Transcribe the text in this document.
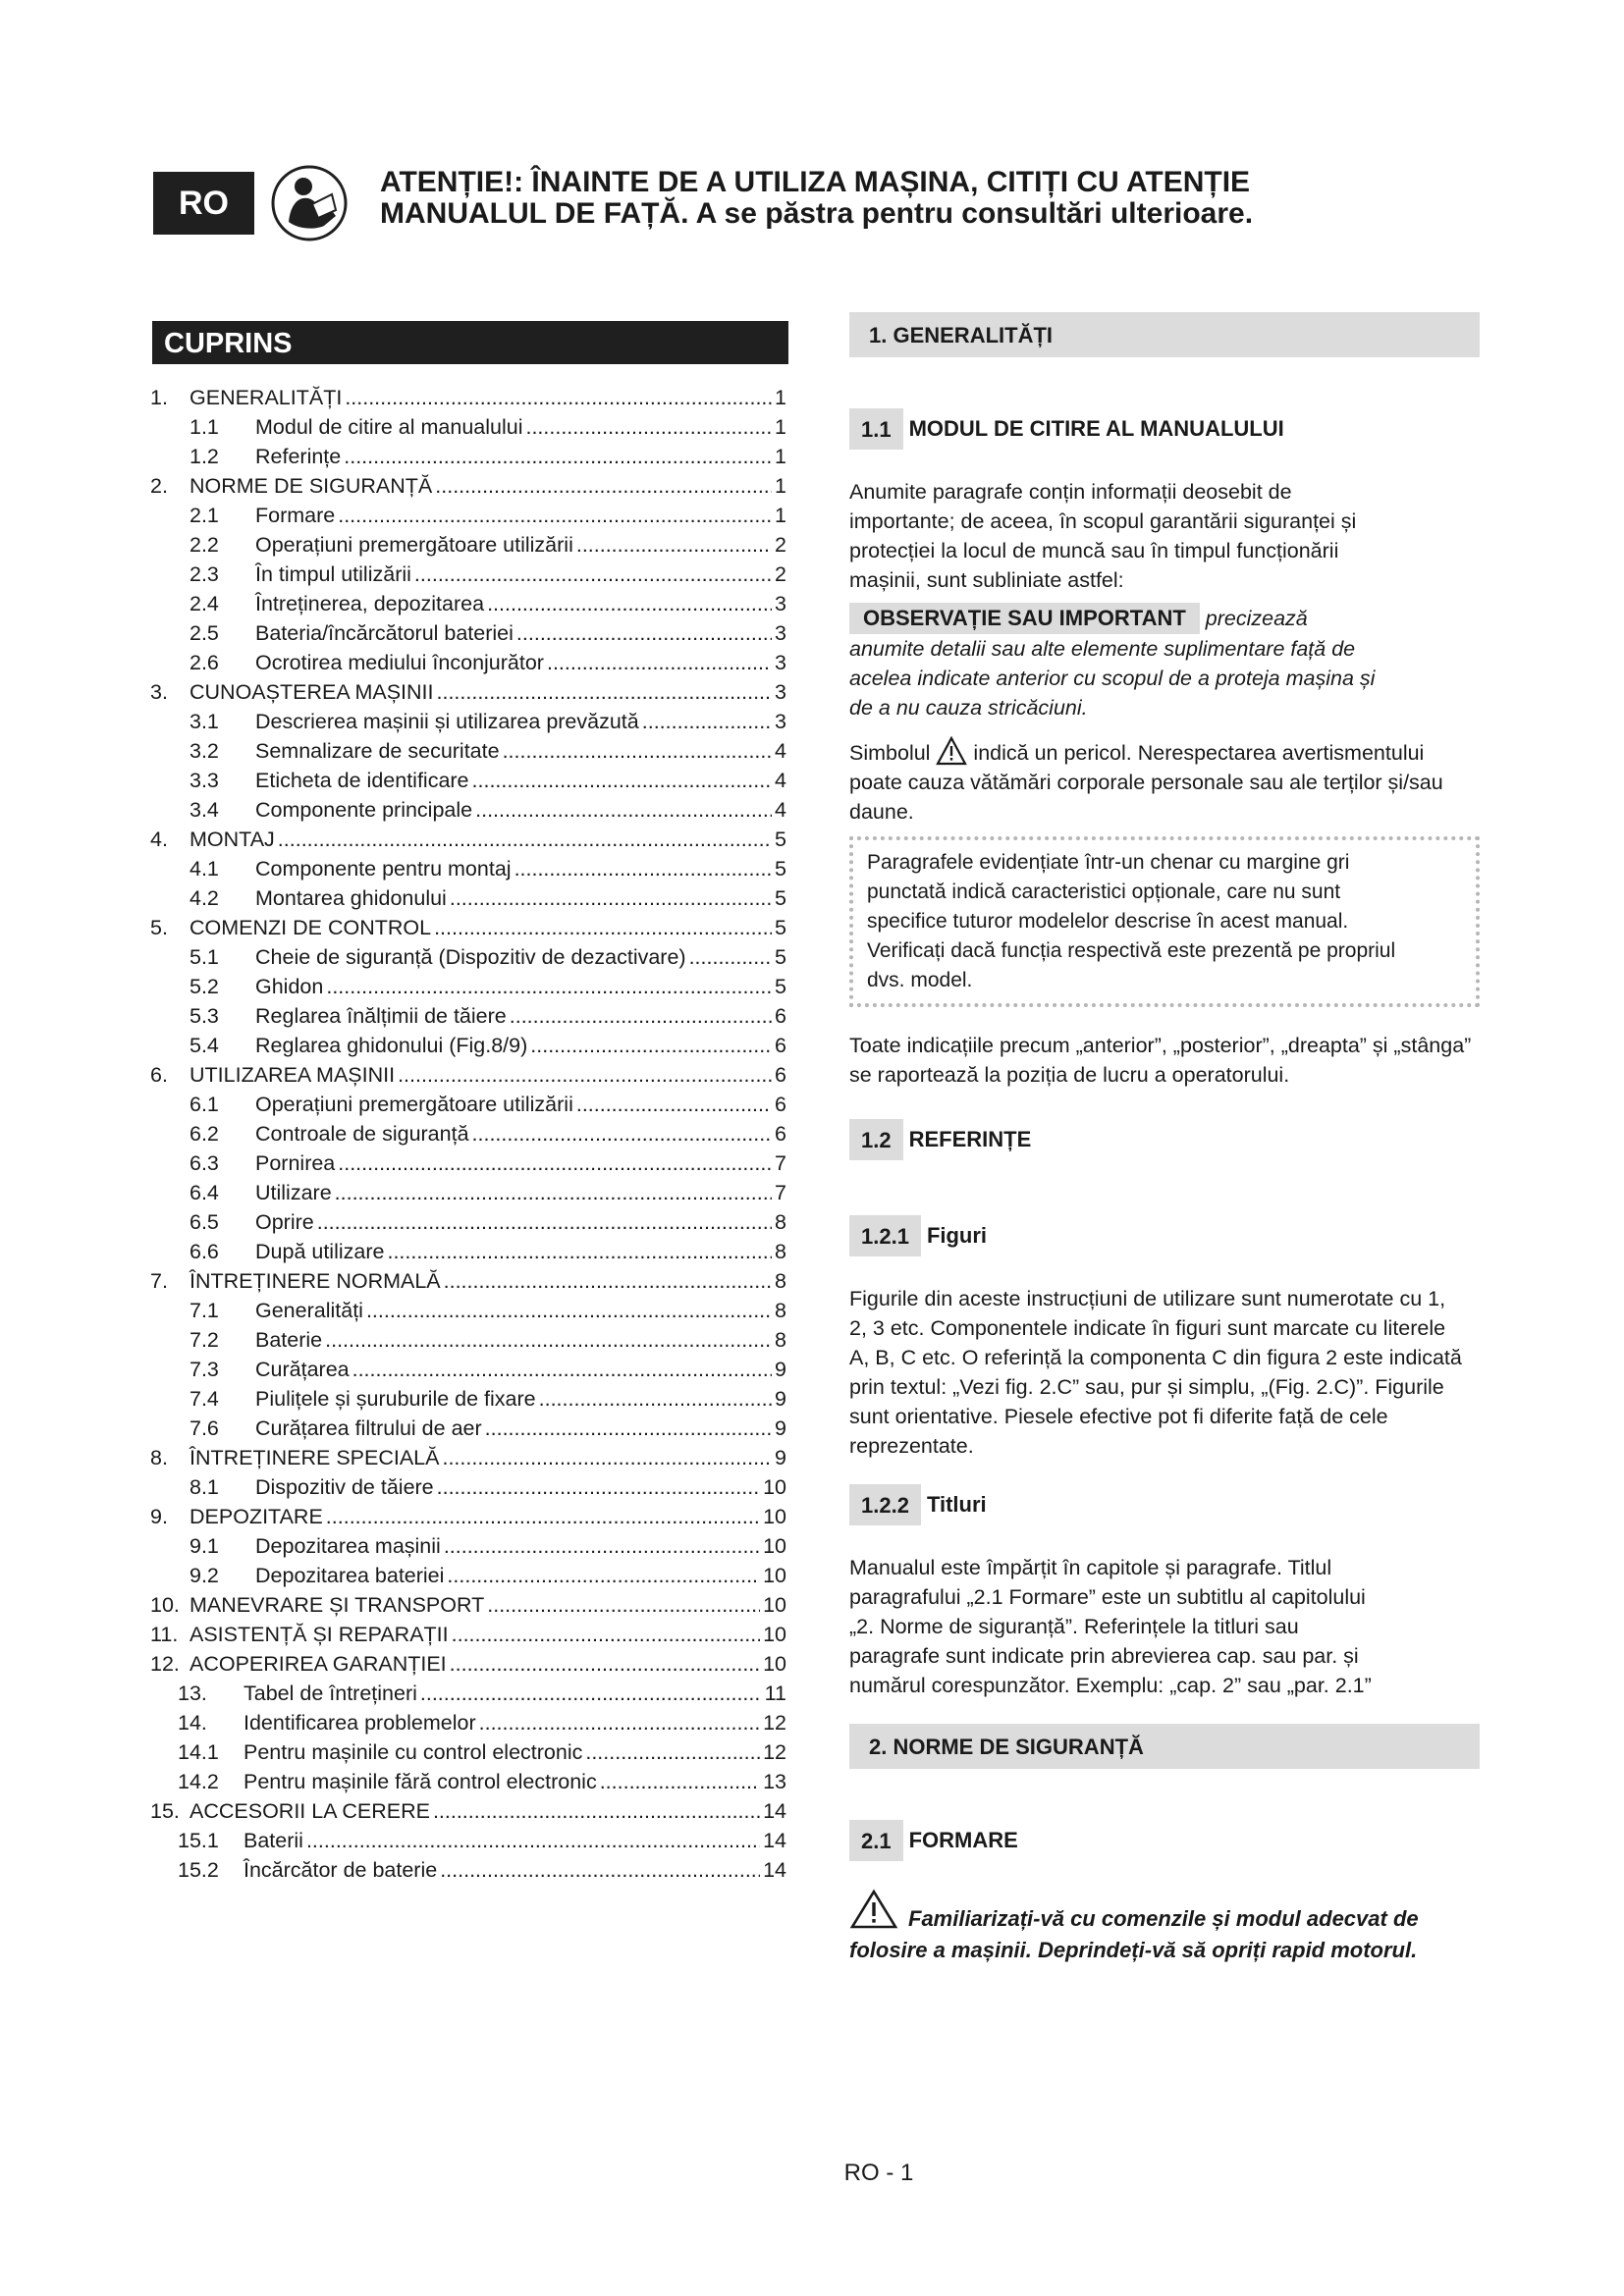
RO
ATENȚIE!: ÎNAINTE DE A UTILIZA MAȘINA, CITIȚI CU ATENȚIE
MANUALUL DE FAȚĂ. A se păstra pentru consultări ulterioare.
CUPRINS
1.	GENERALITĂȚI .....	1
1.1	Modul de citire al manualului .....	1
1.2	Referințe .....	1
2.	NORME DE SIGURANȚĂ .....	1
2.1	Formare .....	1
2.2	Operațiuni premergătoare utilizării .....	2
2.3	În timpul utilizării .....	2
2.4	Întreținerea, depozitarea .....	3
2.5	Bateria/încărcătorul bateriei .....	3
2.6	Ocrotirea mediului înconjurător .....	3
3.	CUNOAȘTEREA MAȘINII .....	3
3.1	Descrierea mașinii și utilizarea prevăzută .....	3
3.2	Semnalizare de securitate .....	4
3.3	Eticheta de identificare .....	4
3.4	Componente principale .....	4
4.	MONTAJ .....	5
4.1	Componente pentru montaj .....	5
4.2	Montarea ghidonului .....	5
5.	COMENZI DE CONTROL .....	5
5.1	Cheie de siguranță (Dispozitiv de dezactivare) .....	5
5.2	Ghidon .....	5
5.3	Reglarea înălțimii de tăiere .....	6
5.4	Reglarea ghidonului (Fig.8/9) .....	6
6.	UTILIZAREA MAȘINII .....	6
6.1	Operațiuni premergătoare utilizării .....	6
6.2	Controale de siguranță .....	6
6.3	Pornirea .....	7
6.4	Utilizare .....	7
6.5	Oprire .....	8
6.6	După utilizare .....	8
7.	ÎNTREȚINERE NORMALĂ .....	8
7.1	Generalități .....	8
7.2	Baterie .....	8
7.3	Curățarea .....	9
7.4	Piulițele și șuruburile de fixare .....	9
7.6	Curățarea filtrului de aer .....	9
8.	ÎNTREȚINERE SPECIALĂ .....	9
8.1	Dispozitiv de tăiere .....	10
9.	DEPOZITARE .....	10
9.1	Depozitarea mașinii .....	10
9.2	Depozitarea bateriei .....	10
10. MANEVRARE ȘI TRANSPORT .....	10
11. ASISTENȚĂ ȘI REPARAȚII .....	10
12. ACOPERIREA GARANȚIEI .....	10
13.	Tabel de întrețineri .....	11
14.	Identificarea problemelor .....	12
14.1	Pentru mașinile cu control electronic .....	12
14.2	Pentru mașinile fără control electronic .....	13
15. ACCESORII LA CERERE .....	14
15.1	Baterii .....	14
15.2	Încărcător de baterie .....	14
1. GENERALITĂȚI
1.1 MODUL DE CITIRE AL MANUALULUI
Anumite paragrafe conțin informații deosebit de importante; de aceea, în scopul garantării siguranței și protecției la locul de muncă sau în timpul funcționării mașinii, sunt subliniate astfel:
OBSERVAȚIE SAU IMPORTANT precizează anumite detalii sau alte elemente suplimentare față de acelea indicate anterior cu scopul de a proteja mașina și de a nu cauza stricăciuni.
Simbolul indică un pericol. Nerespectarea avertismentului poate cauza vătămări corporale personale sau ale terților și/sau daune.
Paragrafele evidențiate într-un chenar cu margine gri punctată indică caracteristici opționale, care nu sunt specifice tuturor modelelor descrise în acest manual. Verificați dacă funcția respectivă este prezentă pe propriul dvs. model.
Toate indicațiile precum „anterior”, „posterior”, „dreapta” și „stânga” se raportează la poziția de lucru a operatorului.
1.2 REFERINȚE
1.2.1 Figuri
Figurile din aceste instrucțiuni de utilizare sunt numerotate cu 1, 2, 3 etc. Componentele indicate în figuri sunt marcate cu literele A, B, C etc. O referință la componenta C din figura 2 este indicată prin textul: „Vezi fig. 2.C” sau, pur și simplu, „(Fig. 2.C)”. Figurile sunt orientative. Piesele efective pot fi diferite față de cele reprezentate.
1.2.2 Titluri
Manualul este împărțit în capitole și paragrafe. Titlul paragrafului „2.1 Formare” este un subtitlu al capitolului „2. Norme de siguranță”. Referințele la titluri sau paragrafe sunt indicate prin abrevierea cap. sau par. și numărul corespunzător. Exemplu: „cap. 2” sau „par. 2.1”
2. NORME DE SIGURANȚĂ
2.1 FORMARE
Familiarizați-vă cu comenzile și modul adecvat de folosire a mașinii. Deprindeți-vă să opriți rapid motorul.
RO - 1
